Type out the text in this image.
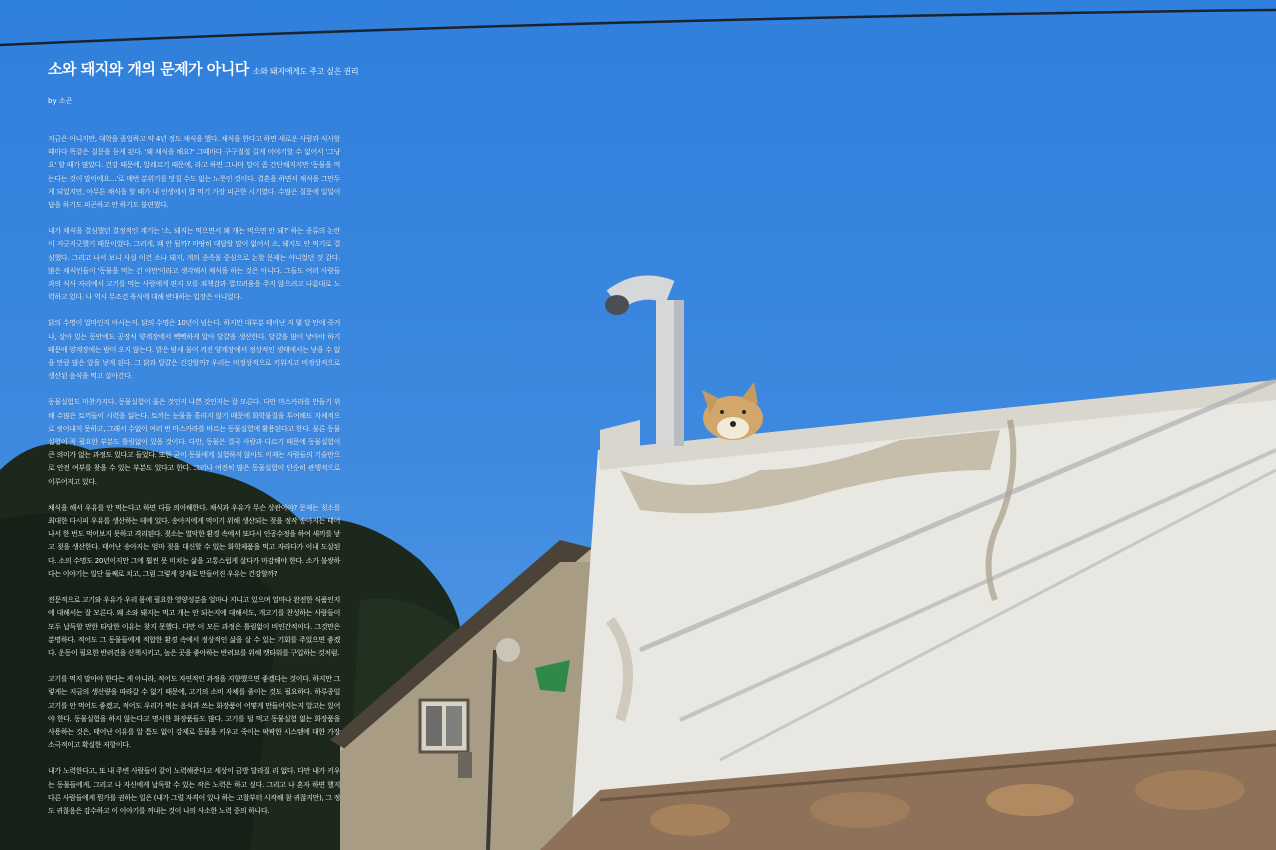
소와 돼지와 개의 문제가 아니다 소와 돼지에게도 주고 싶은 권리
by 소곤

지금은 아니지만, 대학을 졸업하고 약 4년 정도 채식을 했다. 채식을 한다고 하면 새로운 사람과 식사할 때마다 똑같은 질문을 듣게 된다. '왜 채식을 해요?' 그때마다 구구절절 길게 이야기할 수 없어서 '그냥요' 할 때가 많았다. 건강 때문에, 알레르기 때문에, 라고 하면 그나마 말이 좀 간단해지지만 '동물을 먹는다는 것이 말이에요…'로 매번 분위기를 망칠 수도 없는 노릇인 것이다. 결혼을 하면서 채식을 그만두게 되었지만, 아무튼 채식을 할 때가 내 인생에서 밥 먹기 가장 피곤한 시기였다. 수많은 질문에 일일이 답을 하기도 피곤하고 안 하기도 불편했다.

내가 채식을 결심했던 결정적인 계기는 '소, 돼지는 먹으면서 왜 개는 먹으면 안 돼?' 하는 종류의 논란이 지긋지긋했기 때문이었다. 그러게, 왜 안 될까? 마땅히 대답할 말이 없어서 소, 돼지도 안 먹기로 결심했다. 그리고 나서 보니 사실 이건 소나 돼지, 개의 종족을 중심으로 논할 문제는 아니었던 것 같다. 많은 채식인들이 '동물을 먹는 건 야만'이라고 생각해서 채식을 하는 것은 아니다. 그들도 여러 사람들과의 식사 자리에서 고기를 먹는 사람에게 편지 모를 죄책감과 껄끄러움을 주지 않으려고 나름대로 노력하고 있다. 나 역시 무조건 육식에 대해 반대하는 입장은 아니었다.

닭의 수명이 얼마인지 아시는지. 닭의 수명은 10년이 넘는다. 하지만 대부분 태어난 지 몇 달 만에 죽거나, 살아 있는 동안에도 공장식 양계장에서 빽빽하게 알아 달걀을 생산한다. 달걀을 많이 낳아야 하기 때문에 양계장에는 밤이 오지 않는다. 밝은 밤새 불이 켜진 양계장에서 정상적인 생태에서는 낳을 수 없을 만큼 많은 알을 낳게 된다. 그 닭과 달걀은 건강할까? 우리는 비정상적으로 키워지고 비정상적으로 생산된 음식을 먹고 살아간다.

동물실험도 마찬가지다. 동물실험이 옳은 것인지 나쁜 것인지는 잘 모른다. 다만 마스카라를 만들기 위해 수많은 토끼들이 시력을 잃는다. 토끼는 눈물을 흘리지 않기 때문에 화학물질을 투여해도 자체적으로 씻어내지 못하고, 그래서 수없이 여러 번 마스카라를 바르는 동물실험에 활용된다고 한다. 물론 동물실험이 꼭 필요한 부분도 틀림없이 있을 것이다. 다만, 동물은 결국 사람과 다르기 때문에 동물실험이 큰 의미가 없는 과정도 있다고 들었다. 또한 굳이 동물에게 실험하지 않아도 이제는 사람들의 기술만으로 안전 여부를 찾을 수 있는 부분도 있다고 한다. 그러나 여전히 많은 동물실험이 단순히 관행적으로 이루어지고 있다.

채식을 해서 우유를 안 먹는다고 하면 다들 의아해한다. 채식과 우유가 무슨 상관이야? 문제는 젖소를 최대한 다시피 우유를 생산하는 데에 있다. 송아지에게 먹이기 위해 생산되는 젖을 정작 송아지는 태어나서 한 번도 먹어보지 못하고 격리된다. 젖소는 열악한 환경 속에서 또다시 인공수정을 하여 새끼를 낳고 젖을 생산한다. 태어난 송아지는 엄마 젖을 대신할 수 있는 화학제품을 먹고 자라다가 이내 도살된다. 소의 수명도 20년이지만 그에 훨씬 못 미치는 삶을 고통스럽게 살다가 마감해야 한다. 소가 불쌍하다는 이야기는 일단 둘째로 치고, 그럼 그렇게 강제로 만들어진 우유는 건강할까?

전문적으로 고기와 우유가 우리 몸에 필요한 영양성분을 얼마나 지니고 있으며 얼마나 완전한 식품인지에 대해서는 잘 모른다. 왜 소와 돼지는 먹고 개는 안 되는지에 대해서도, 개고기를 찬성하는 사람들이 모두 납득할 만한 타당한 이유는 찾지 못했다. 다만 이 모든 과정은 틀림없이 비인간적이다. 그것만은 분명하다. 적어도 그 동물들에게 적합한 환경 속에서 정상적인 삶을 살 수 있는 기회를 주었으면 좋겠다. 운동이 필요한 반려견을 산책시키고, 높은 곳을 좋아하는 반려묘를 위해 캣타워를 구입하는 것처럼.

고기를 먹지 말아야 한다는 게 아니라, 적어도 자연적인 과정을 지향했으면 좋겠다는 것이다. 하지만 그렇게는 지금의 생산량을 따라갈 수 없기 때문에, 고기의 소비 자체를 줄이는 것도 필요하다. 하루종일 고기를 안 먹어도 좋겠고, 적어도 우리가 먹는 음식과 쓰는 화장품이 어떻게 만들어지는지 알고는 있어야 한다. 동물실험을 하지 않는다고 명시한 화장품들도 많다. 고기를 덜 먹고 동물실험 없는 화장품을 사용하는 것은, 태어난 이유를 알 틈도 없이 강제로 동물을 키우고 죽이는 팍팍한 시스템에 대한 가장 소극적이고 확실한 저항이다.

내가 노력한다고, 또 내 주변 사람들이 같이 노력해준다고 세상이 금방 달라질 리 없다. 다만 내가 키우는 동물들에게, 그리고 나 자신에게 납득할 수 있는 작은 노력은 하고 싶다. 그리고 나 혼자 하면 했지 다른 사람들에게 뭔가를 권하는 일은 (내가 그럴 자격이 있나 하는 고찰부터 시작해 참 귀찮지만), 그 정도 귀찮음은 감수하고 이 이야기를 꺼내는 것이 나의 사소한 노력 중의 하나다.
